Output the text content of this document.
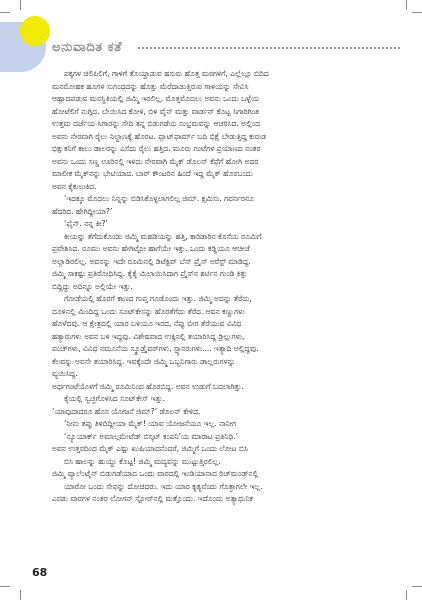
ಅನುವಾದಿತ ಕತೆ

ಪಕ್ಕಗಳ ಚಿಲಿಪಿಲಿಗೆ, ಗಾಳಿಗೆ ತೊಯ್ದಾಡುವ ಹಸುರು ಹೊತ್ತ ಮರಗಳಿಗೆ, ಎಲ್ಲೆಲ್ಲೂ ಬಿದಿದ

ಮನಮೋಹಕ ಹೂಗಳ ಸುಗಂಧದನ್ನು ಹೊತ್ತು ಮೆರೆದಾಡುತ್ತಿರುವ ಗಾಳಿಯನ್ನು ಸೇವಿಸಿ

ಆಹ್ಲಾದಪಡುವ ಮನಸ್ಥಿತಿಯಲ್ಲಿ ಜಿಮ್ಮಿ ಇರಲಿಲ್ಲ. ಮೊತ್ತಮೊದಲು ಅವನು ಒಂದು ಒಳ್ಳೆಯ

ಹೋಟೆಲಿಗೆ ನುಗ್ಗಿದ. ಬೇಯಿಸಿದ ಕೋಳಿ, ಬಿಳಿ ವೈನ್ ಮತ್ತು ವಾರ್ಡನ್ ಕೊಟ್ಟ ಸಿಗಾರಿಗಿಂತ

ಉತ್ತಮ ದರ್ಜೆಯ ಸಿಗಾರನ್ನು ಸೇದಿ ತನ್ನ ಬಿಡುಗಡೆಯ ಸಂಭ್ರಮವನ್ನು ಆಚರಿಸಿದ. ಅಲ್ಲಿಂದ

ಅವನು ನೇರವಾಗಿ ರೈಲು ನಿಲ್ದಾಣಕ್ಕೆ ಹೊರಟ. ಪ್ಲಾಟ್‌ಫಾರ್ಮ್ ಬದಿ ಭಿಕ್ಷೆ ಬೇಡುತ್ತಿದ್ದ ಕುರುಡ

ಭಿಕ್ಷುಕನಿಗೆ ಕಾಲು ಡಾಲರನ್ನು ಎಸೆದು ರೈಲು ಹತ್ತಿದ. ಮೂರು ಗಂಟೆಗಳ ಪ್ರಯಾಣದ ನಂತರ

ಅವನು ಒಂದು ಸಣ್ಣ ಊರಿನಲ್ಲಿ ಇಳಿದು ನೇರವಾಗಿ ಮೈಕ್ ಡೊಲನ್ ಕೆಫೆಗೆ ಹೋಗಿ ಅದರ

ಮಾಲೀಕ ಮೈಕ್‌ನನ್ನು ಭೇಟಿಯಾದ. ಬಾರ್ ಕೌಂಟರಿನ ಹಿಂದೆ ಇದ್ದ ಮೈಕ್ ಹೊರಬಂದು

ಅವನ ಕೈಕುಲುಕಿದ.

‘ಇದಕ್ಕೂ ಮೊದಲು ನಿನ್ನನ್ನು ಬಿಡಿಸಿಕೊಳ್ಳಲಾಗಲಿಲ್ಲ ಜಿಮ್. ಕ್ಷಮಿಸು. ಗವರ್ನರನೂ

ಹೆದರಿದ. ಹೇಗಿದ್ದೀಯಾ?’

‘ಫೈನ್. ನನ್ನ ಕೀ?’

ಕೀಯನ್ನು ತೆಗೆದುಕೊಂಡು ಜಿಮ್ಮಿ ಮಹಡಿಯನ್ನು ಹತ್ತಿ, ಕಾರಿಡಾರಿನ ಕೊನೆಯ ರೂಮಿಗೆ

ಪ್ರವೇಶಿಸಿದ. ರೂಮು ಅವನು ಹೇಗಿಟ್ಟೋ ಹಾಗೆಯೇ ಇತ್ತು. ಒಂದು ಕಡ್ಡಿಯೂ ಆಚೀಚೆ

ಅಲ್ಲಾಡಿರಲಿಲ್ಲ. ಅವನನ್ನು ಇದೇ ರೂಮಿನಲ್ಲಿ ಡಿಟೆಕ್ಟಿವ್ ಬೆನ್ ಪ್ರೈಸ್ ಅರೆಸ್ಟ್ ಮಾಡಿದ್ದ.

ಜಿಮ್ಮಿ ಸಾಕಷ್ಟು ಪ್ರತಿರೋಧಿಸಿದ್ದ. ಕೈಕೈ ಮಿಲಾಯಿಸಿದಾಗ ಪ್ರೈಸ್‌ನ ಶರ್ಟಿನ ಗುಂಡಿ ಕಿತ್ತು

ಬಿದ್ದಿದ್ದು ಅದಿನ್ನೂ ಅಲ್ಲಿಯೇ ಇತ್ತು.

ಗೋಡೆಯಲ್ಲಿ ಹೊರಗೆ ಕಾಣದ ಗುಪ್ತ ಗೂಡೊಂದು ಇತ್ತು. ಜಿಮ್ಮಿ ಅದನ್ನು ತೆರೆದು,

ದೂಳಿನಲ್ಲಿ ಮಿಂದಿದ್ದ ಒಂದು ಸೂಟ್‌ಕೇಸನ್ನು ಹೊರತೆಗೆದು ತೆರೆದ. ಅವನ ಕಣ್ಣುಗಳು

ಹೊಳೆದವು. ಆ ಕ್ಷೇತ್ರದಲ್ಲಿ ಯಾರ ಬಳಿಯೂ ಇರದ, ನೆಪ್ಪು ಬೀಗ ತೆರೆಯುವ ವಿವಿಧ

ಹತ್ಯಾರುಗಳು ಅವನ ಬಳಿ ಇದ್ದವು. ವಿಶೇಷವಾದ ಉಕ್ಕಿನಲ್ಲಿ ತಯಾರಿಸಿದ್ದ ಡ್ರಿಲ್ಲುಗಳು,

ಪಂಚ್‌ಗಳು, ವಿವಿಧ ನಮೂನೆಯ ಸ್ಕ್ರೂಡ್ರೈವರ್‌ಗಳು, ಸ್ಪ್ಯಾನರುಗಳು.... ಇತ್ಯಾದಿ ಅಲ್ಲಿದ್ದವು.

ಕೆಲವನ್ನು ಅವನೇ ತಯಾರಿಸಿದ್ದ. ಇವಕ್ಕೆಂದೇ ಜಿಮ್ಮಿ ಒಬ್ಬನಿಗಾರು ಡಾಲ್ಲರುಗಳನ್ನು

ವ್ಯಯಿಸಿದ್ದ.

ಅರ್ಧಗಂಟೆಯೊಳಗೆ ಜಿಮ್ಮಿ ರೂಮಿನಿಂದ ಹೊರಬಿದ್ದ. ಅವನ ಉಡುಗೆ ಬದಲಾಗಿತ್ತು.

ಕೈಯಲ್ಲಿ ಸ್ವಚ್ಛಗೊಳಿಸಿದ ಸೂಟ್‌ಕೇಸ್ ಇತ್ತು.

‘ಯಾವುದಾದರೂ ಹೊಸ ಯೋಜನೆ ಜಿಮ್?’ ಡೊಲನ್ ಕೇಳಿದ.

‘ನೀನು ತಪ್ಪು ತಿಳಿದಿದ್ದೀಯಾ ಮೈಕ್! ಯಾವ ಯೋಜನೆಯೂ ಇಲ್ಲ. ನಾನೀಗ

‘ನ್ಯೂಯಾರ್ಕ್ ಅಮಾಲ್ಗಮೇಟೆಡ್ ಬಿಸ್ಕಟ್ ಕಂಪನಿ’ಯ ಮಾರಾಟ ಪ್ರತಿನಿಧಿ.’

ಅವನ ಉತ್ತರದಿಂದ ಮೈಕ್ ಎಷ್ಟು ಖುಷಿಯಾದನೆಂದರೆ, ಜಿಮ್ಮಿಗೆ ಒಂದು ಲೋಟ ಬಿಸಿ

ಬಿಸಿ ಹಾಲನ್ನು ಹುಯ್ದು ಕೊಟ್ಟ! ಜಿಮ್ಮಿ ಮದ್ಯವನ್ನು ಮುಟ್ಟುತ್ತಿರಲಿಲ್ಲ.

ಜಿಮ್ಮಿ ವ್ಯಾಲೆಂಟೈನ್ ಬಿಡುಗಡೆಯಾದ ಒಂದು ವಾರದಲ್ಲಿ ಇಂಡಿಯಾನಾದ ರಿಚ್‌ಮಂಡ್‌ನಲ್ಲಿ

ಯಾರೋ ಒಂದು ಸೇಫನ್ನು ದೋಚಿದರು. ಇದು ಯಾರ ಕೃತ್ಯವೆಂದು ಗೊತ್ತಾಗಲೇ ಇಲ್ಲ.

ಎರಡು ವಾರಗಳ ನಂತರ ಲೋಗನ್ ಸ್ಟೋರ್‌ನಲ್ಲಿ ಮತ್ತೊಂದು. ಇದೊಂದು ಅತ್ಯಾಧುನಿಕ

68
